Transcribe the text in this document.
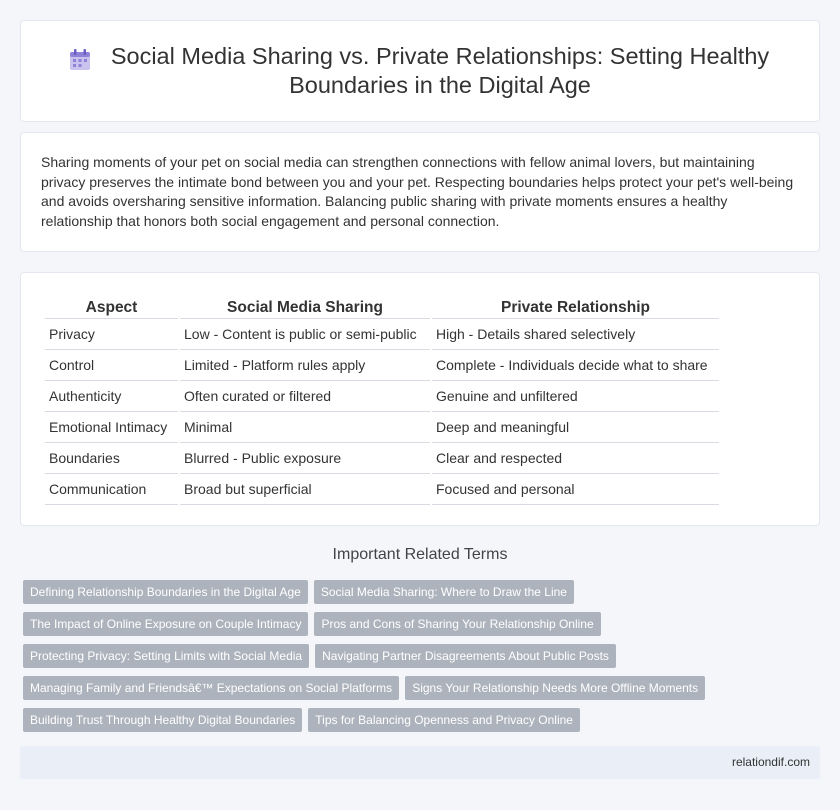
Social Media Sharing vs. Private Relationships: Setting Healthy Boundaries in the Digital Age

Sharing moments of your pet on social media can strengthen connections with fellow animal lovers, but maintaining privacy preserves the intimate bond between you and your pet. Respecting boundaries helps protect your pet's well-being and avoids oversharing sensitive information. Balancing public sharing with private moments ensures a healthy relationship that honors both social engagement and personal connection.

Aspect	Social Media Sharing	Private Relationship
Privacy	Low - Content is public or semi-public	High - Details shared selectively
Control	Limited - Platform rules apply	Complete - Individuals decide what to share
Authenticity	Often curated or filtered	Genuine and unfiltered
Emotional Intimacy	Minimal	Deep and meaningful
Boundaries	Blurred - Public exposure	Clear and respected
Communication	Broad but superficial	Focused and personal
Important Related Terms
Defining Relationship Boundaries in the Digital Age	Social Media Sharing: Where to Draw the Line
The Impact of Online Exposure on Couple Intimacy	Pros and Cons of Sharing Your Relationship Online
Protecting Privacy: Setting Limits with Social Media	Navigating Partner Disagreements About Public Posts
Managing Family and Friendsâ€™ Expectations on Social Platforms	Signs Your Relationship Needs More Offline Moments
Building Trust Through Healthy Digital Boundaries	Tips for Balancing Openness and Privacy Online
relationdif.com
